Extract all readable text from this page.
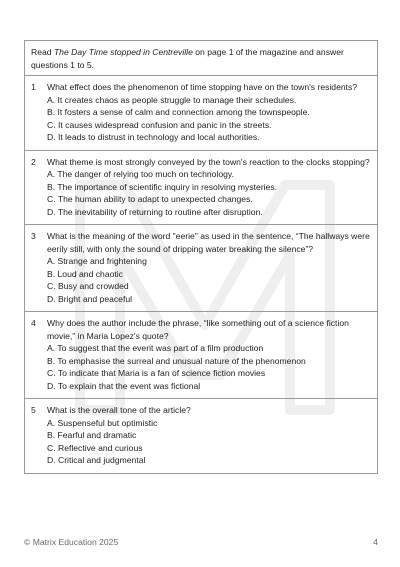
Read The Day Time stopped in Centreville on page 1 of the magazine and answer questions 1 to 5.
1	What effect does the phenomenon of time stopping have on the town's residents?
A. It creates chaos as people struggle to manage their schedules.
B. It fosters a sense of calm and connection among the townspeople.
C. It causes widespread confusion and panic in the streets.
D. It leads to distrust in technology and local authorities.
2	What theme is most strongly conveyed by the town's reaction to the clocks stopping?
A. The danger of relying too much on technology.
B. The importance of scientific inquiry in resolving mysteries.
C. The human ability to adapt to unexpected changes.
D. The inevitability of returning to routine after disruption.
3	What is the meaning of the word "eerie" as used in the sentence, “The hallways were eerily still, with only the sound of dripping water breaking the silence”?
A. Strange and frightening
B. Loud and chaotic
C. Busy and crowded
D. Bright and peaceful
4	Why does the author include the phrase, “like something out of a science fiction movie,” in Maria Lopez's quote?
A. To suggest that the event was part of a film production
B. To emphasise the surreal and unusual nature of the phenomenon
C. To indicate that Maria is a fan of science fiction movies
D. To explain that the event was fictional
5	What is the overall tone of the article?
A. Suspenseful but optimistic
B. Fearful and dramatic
C. Reflective and curious
D. Critical and judgmental
© Matrix Education 2025	4
